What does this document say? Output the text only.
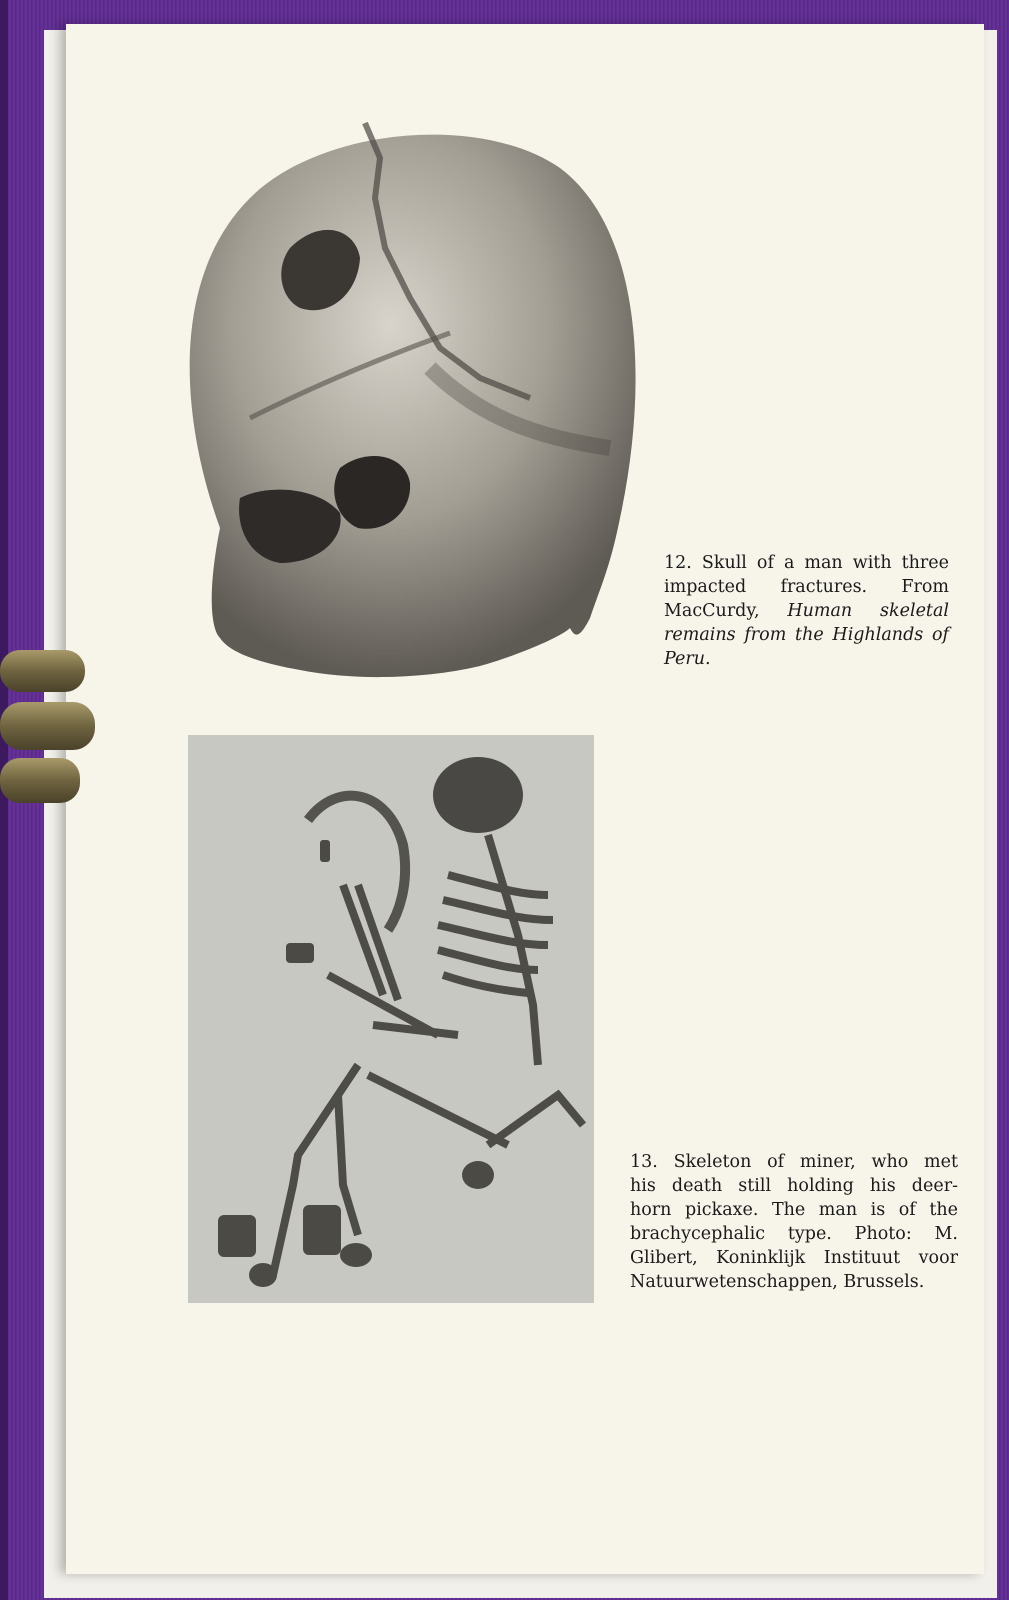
12. Skull of a man with three
impacted fractures. From
MacCurdy, Human skeletal
remains from the Highlands of
Peru.
13. Skeleton of miner, who met
his death still holding his deer-
horn pickaxe. The man is of the
brachycephalic type. Photo: M.
Glibert, Koninklijk Instituut voor
Natuurwetenschappen, Brussels.
